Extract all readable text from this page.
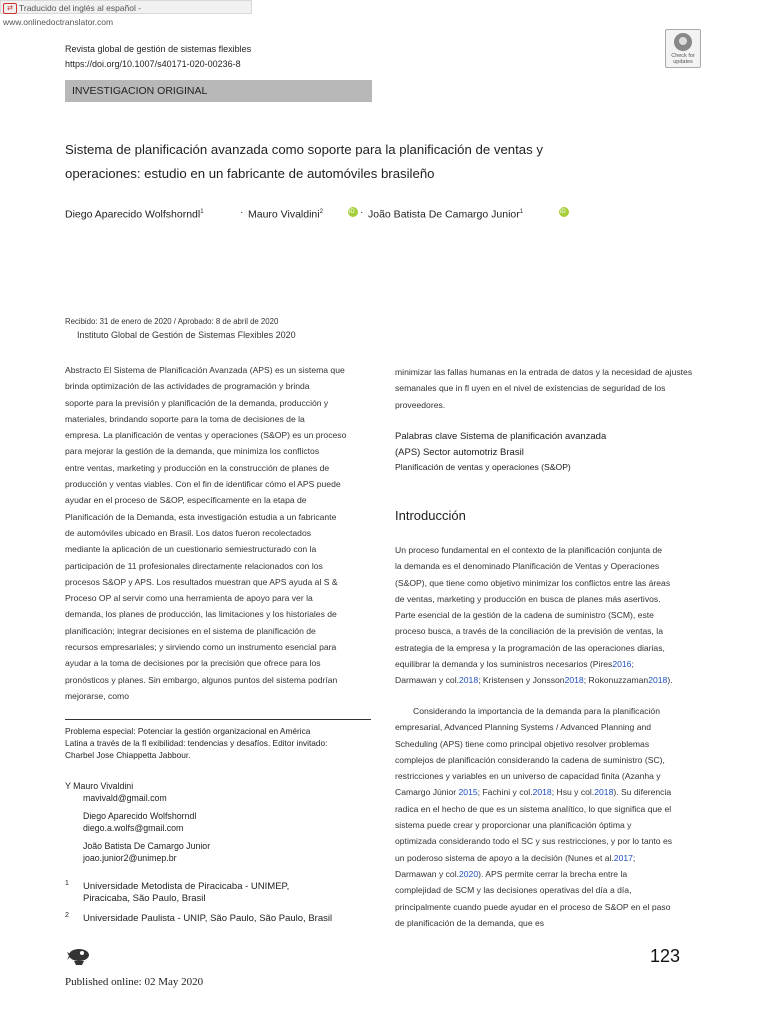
⇄ Traducido del inglés al español - www.onlinedoctranslator.com
Revista global de gestión de sistemas flexibles
https://doi.org/10.1007/s40171-020-00236-8
Check for updates
INVESTIGACION ORIGINAL
Sistema de planificación avanzada como soporte para la planificación de ventas y
operaciones: estudio en un fabricante de automóviles brasileño
Diego Aparecido Wolfshorndl$^1$	· Mauro Vivaldini$^2$
iD	· João Batista De Camargo Junior$^1$
iD
Recibido: 31 de enero de 2020 / Aprobado: 8 de abril de 2020
Instituto Global de Gestión de Sistemas Flexibles 2020
Abstracto El Sistema de Planificación Avanzada (APS) es un sistema que
brinda optimización de las actividades de programación y brinda
soporte para la previsión y planificación de la demanda, producción y
materiales, brindando soporte para la toma de decisiones de la
empresa. La planificación de ventas y operaciones (S&OP) es un proceso
para mejorar la gestión de la demanda, que minimiza los conflictos
entre ventas, marketing y producción en la construcción de planes de
producción y ventas viables. Con el fin de identificar cómo el APS puede
ayudar en el proceso de S&OP, específicamente en la etapa de
Planificación de la Demanda, esta investigación estudia a un fabricante
de automóviles ubicado en Brasil. Los datos fueron recolectados
mediante la aplicación de un cuestionario semiestructurado con la
participación de 11 profesionales directamente relacionados con los
procesos S&OP y APS. Los resultados muestran que APS ayuda al S &
Proceso OP al servir como una herramienta de apoyo para ver la
demanda, los planes de producción, las limitaciones y los historiales de
planificación; integrar decisiones en el sistema de planificación de
recursos empresariales; y sirviendo como un instrumento esencial para
ayudar a la toma de decisiones por la precisión que ofrece para los
pronósticos y planes. Sin embargo, algunos puntos del sistema podrían
mejorarse, como
minimizar las fallas humanas en la entrada de datos y la necesidad de ajustes
semanales que in fl uyen en el nivel de existencias de seguridad de los
proveedores.
Palabras clave Sistema de planificación avanzada
(APS) Sector automotriz Brasil
Planificación de ventas y operaciones (S&OP)
Introducción
Un proceso fundamental en el contexto de la planificación conjunta de
la demanda es el denominado Planificación de Ventas y Operaciones
(S&OP), que tiene como objetivo minimizar los conflictos entre las áreas
de ventas, marketing y producción en busca de planes más asertivos.
Parte esencial de la gestión de la cadena de suministro (SCM), este
proceso busca, a través de la conciliación de la previsión de ventas, la
estrategia de la empresa y la programación de las operaciones diarias,
equilibrar la demanda y los suministros necesarios (Pires2016;
Darmawan y col.2018; Kristensen y Jonsson2018; Rokonuzzaman2018).
Considerando la importancia de la demanda para la planificación
empresarial, Advanced Planning Systems / Advanced Planning and
Scheduling (APS) tiene como principal objetivo resolver problemas
complejos de planificación considerando la cadena de suministro (SC),
restricciones y variables en un universo de capacidad finita (Azanha y
Camargo Júnior 2015; Fachini y col.2018; Hsu y col.2018). Su diferencia
radica en el hecho de que es un sistema analítico, lo que significa que el
sistema puede crear y proporcionar una planificación óptima y
optimizada considerando todo el SC y sus restricciones, y por lo tanto es
un poderoso sistema de apoyo a la decisión (Nunes et al.2017;
Darmawan y col.2020). APS permite cerrar la brecha entre la
complejidad de SCM y las decisiones operativas del día a día,
principalmente cuando puede ayudar en el proceso de S&OP en el paso
de planificación de la demanda, que es
Problema especial: Potenciar la gestión organizacional en América
Latina a través de la fl exibilidad: tendencias y desafíos. Editor invitado:
Charbel Jose Chiappetta Jabbour.
Y Mauro Vivaldini
mavivald@gmail.com
Diego Aparecido Wolfshorndl
diego.a.wolfs@gmail.com
João Batista De Camargo Junior
joao.junior2@unimep.br
1	Universidade Metodista de Piracicaba - UNIMEP,
Piracicaba, São Paulo, Brasil
2	Universidade Paulista - UNIP, São Paulo, São Paulo, Brasil
Published online: 02 May 2020
123
